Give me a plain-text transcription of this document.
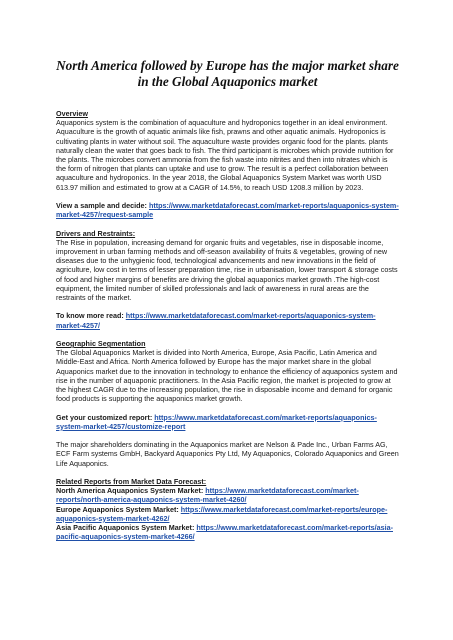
North America followed by Europe has the major market share in the Global Aquaponics market
Overview

Aquaponics system is the combination of aquaculture and hydroponics together in an ideal environment. Aquaculture is the growth of aquatic animals like fish, prawns and other aquatic animals. Hydroponics is cultivating plants in water without soil. The aquaculture waste provides organic food for the plants. plants naturally clean the water that goes back to fish. The third participant is microbes which provide nutrition for the plants. The microbes convert ammonia from the fish waste into nitrites and then into nitrates which is the form of nitrogen that plants can uptake and use to grow. The result is a perfect collaboration between aquaculture and hydroponics. In the year 2018, the Global Aquaponics System Market was worth USD 613.97 million and estimated to grow at a CAGR of 14.5%, to reach USD 1208.3 million by 2023.

View a sample and decide: https://www.marketdataforecast.com/market-reports/aquaponics-system-market-4257/request-sample

Drivers and Restraints:

The Rise in population, increasing demand for organic fruits and vegetables, rise in disposable income, improvement in urban farming methods and off-season availability of fruits & vegetables, growing of new diseases due to the unhygienic food, technological advancements and new innovations in the field of agriculture, low cost in terms of lesser preparation time, rise in urbanisation, lower transport & storage costs of food and higher margins of benefits are driving the global aquaponics market growth .The high-cost equipment, the limited number of skilled professionals and lack of awareness in rural areas are the restraints of the market.

To know more read: https://www.marketdataforecast.com/market-reports/aquaponics-system-market-4257/

Geographic Segmentation

The Global Aquaponics Market is divided into North America, Europe, Asia Pacific, Latin America and Middle-East and Africa. North America followed by Europe has the major market share in the global Aquaponics market due to the innovation in technology to enhance the efficiency of aquaponics system and rise in the number of aquaponic practitioners. In the Asia Pacific region, the market is projected to grow at the highest CAGR due to the increasing population, the rise in disposable income and demand for organic food products is supporting the aquaponics market growth.

Get your customized report: https://www.marketdataforecast.com/market-reports/aquaponics-system-market-4257/customize-report

The major shareholders dominating in the Aquaponics market are Nelson & Pade Inc., Urban Farms AG, ECF Farm systems GmbH, Backyard Aquaponics Pty Ltd, My Aquaponics, Colorado Aquaponics and Green Life Aquaponics.

Related Reports from Market Data Forecast:

North America Aquaponics System Market: https://www.marketdataforecast.com/market-reports/north-america-aquaponics-system-market-4260/

Europe Aquaponics System Market: https://www.marketdataforecast.com/market-reports/europe-aquaponics-system-market-4262/

Asia Pacific Aquaponics System Market: https://www.marketdataforecast.com/market-reports/asia-pacific-aquaponics-system-market-4266/
